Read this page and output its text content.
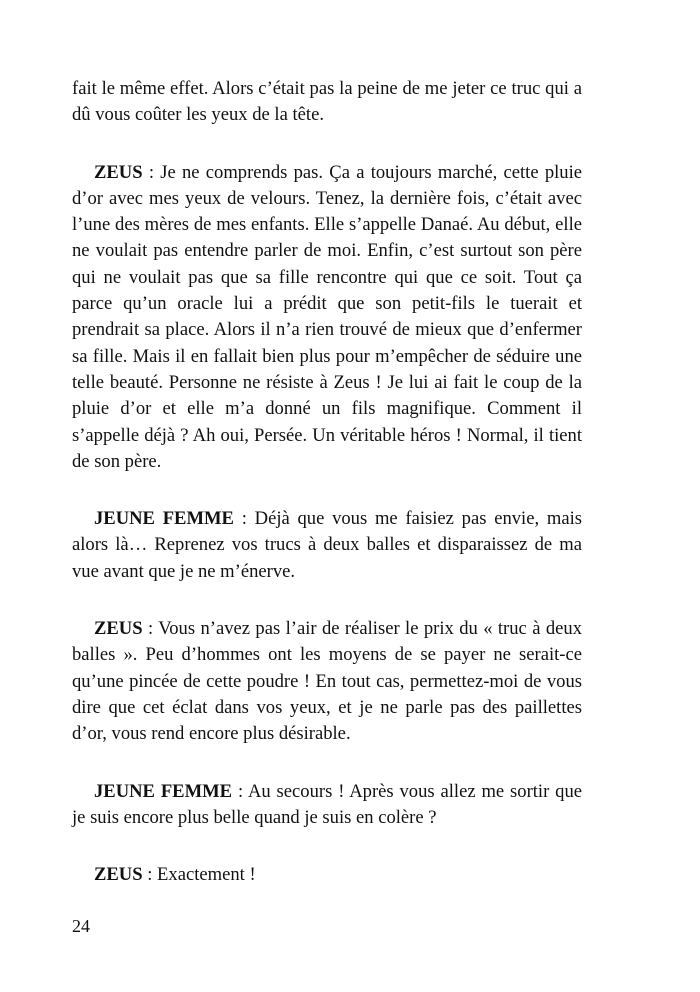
fait le même effet. Alors c’était pas la peine de me jeter ce truc qui a dû vous coûter les yeux de la tête.

ZEUS : Je ne comprends pas. Ça a toujours marché, cette pluie d’or avec mes yeux de velours. Tenez, la dernière fois, c’était avec l’une des mères de mes enfants. Elle s’appelle Danaé. Au début, elle ne voulait pas entendre parler de moi. Enfin, c’est surtout son père qui ne voulait pas que sa fille rencontre qui que ce soit. Tout ça parce qu’un oracle lui a prédit que son petit-fils le tuerait et prendrait sa place. Alors il n’a rien trouvé de mieux que d’enfermer sa fille. Mais il en fallait bien plus pour m’empêcher de séduire une telle beauté. Personne ne résiste à Zeus ! Je lui ai fait le coup de la pluie d’or et elle m’a donné un fils magnifique. Comment il s’appelle déjà ? Ah oui, Persée. Un véritable héros ! Normal, il tient de son père.

JEUNE FEMME : Déjà que vous me faisiez pas envie, mais alors là… Reprenez vos trucs à deux balles et disparaissez de ma vue avant que je ne m’énerve.

ZEUS : Vous n’avez pas l’air de réaliser le prix du « truc à deux balles ». Peu d’hommes ont les moyens de se payer ne serait-ce qu’une pincée de cette poudre ! En tout cas, permettez-moi de vous dire que cet éclat dans vos yeux, et je ne parle pas des paillettes d’or, vous rend encore plus désirable.

JEUNE FEMME : Au secours ! Après vous allez me sortir que je suis encore plus belle quand je suis en colère ?

ZEUS : Exactement !

24
